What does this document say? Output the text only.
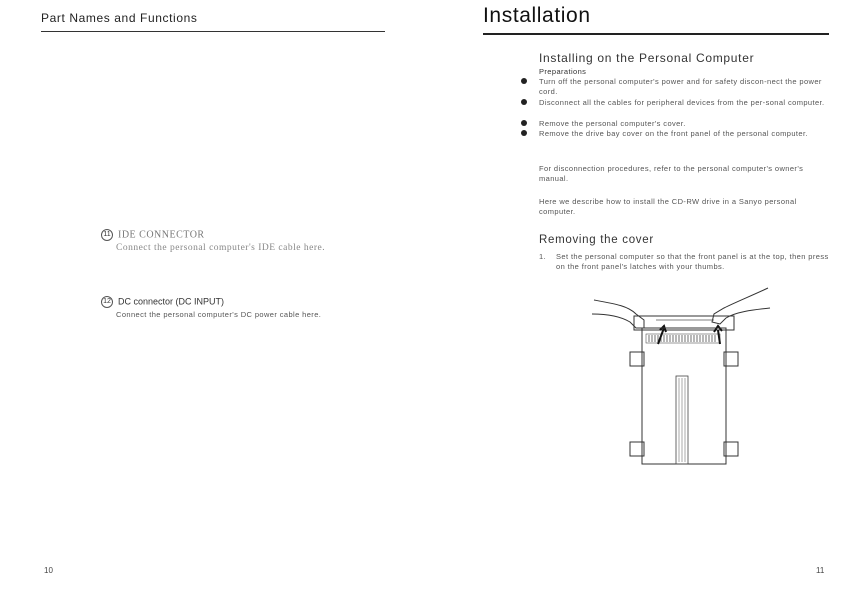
Part Names and Functions
11 IDE CONNECTOR
Connect the personal computer's IDE cable here.
12 DC connector (DC INPUT)
Connect the personal computer's DC power cable here.
10
Installation
Installing on the Personal Computer
Preparations
Turn off the personal computer's power and for safety discon-nect the power cord.
Disconnect all the cables for peripheral devices from the per-sonal computer.
Remove the personal computer's cover.
Remove the drive bay cover on the front panel of the personal computer.
For disconnection procedures, refer to the personal computer's owner's manual.
Here we describe how to install the CD-RW drive in a Sanyo personal computer.
Removing the cover
1. Set the personal computer so that the front panel is at the top, then press on the front panel's latches with your thumbs.
11
